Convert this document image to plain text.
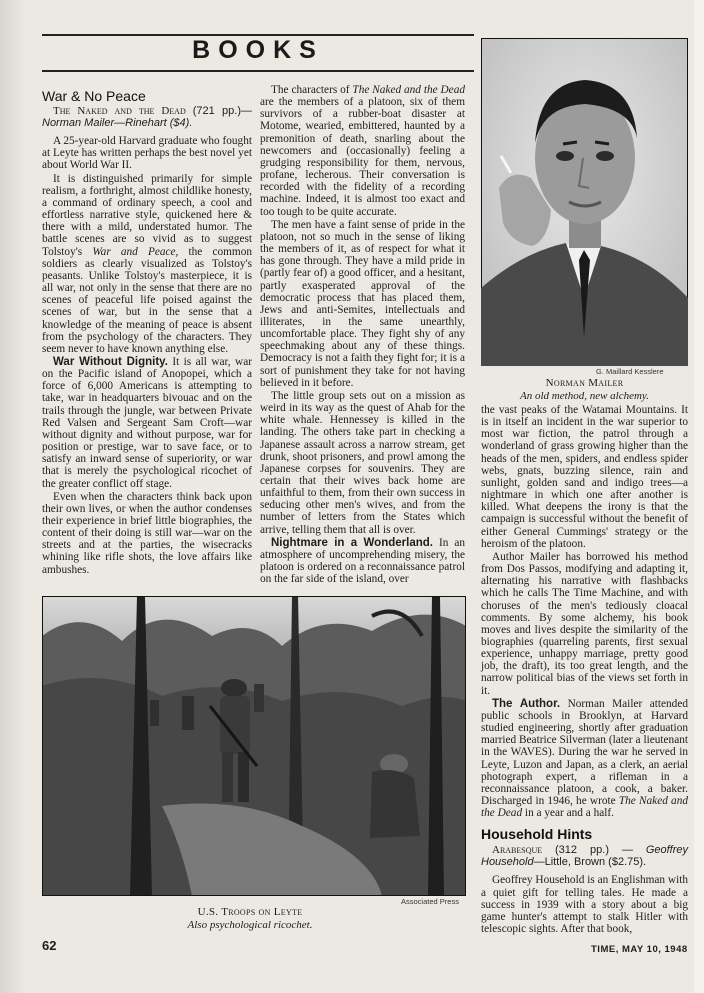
BOOKS
War & No Peace
The Naked and the Dead (721 pp.)— Norman Mailer—Rinehart ($4).

A 25-year-old Harvard graduate who fought at Leyte has written perhaps the best novel yet about World War II.

It is distinguished primarily for simple realism, a forthright, almost childlike honesty, a command of ordinary speech, a cool and effortless narrative style, quickened here & there with a mild, understated humor. The battle scenes are so vivid as to suggest Tolstoy's War and Peace, the common soldiers as clearly visualized as Tolstoy's peasants. Unlike Tolstoy's masterpiece, it is all war, not only in the sense that there are no scenes of peaceful life poised against the scenes of war, but in the sense that a knowledge of the meaning of peace is absent from the psychology of the characters. They seem never to have known anything else.

War Without Dignity. It is all war, war on the Pacific island of Anopopei, which a force of 6,000 Americans is attempting to take, war in headquarters bivouac and on the trails through the jungle, war between Private Red Valsen and Sergeant Sam Croft—war without dignity and without purpose, war for position or prestige, war to save face, or to satisfy an inward sense of superiority, or war that is merely the psychological ricochet of the greater conflict off stage.

Even when the characters think back upon their own lives, or when the author condenses their experience in brief little biographies, the content of their doing is still war—war on the streets and at the parties, the wisecracks whining like rifle shots, the love affairs like ambushes.

The characters of The Naked and the Dead are the members of a platoon, six of them survivors of a rubber-boat disaster at Motome, wearied, embittered, haunted by a premonition of death, snarling about the newcomers and (occasionally) feeling a grudging responsibility for them, nervous, profane, lecherous. Their conversation is recorded with the fidelity of a recording machine. Indeed, it is almost too exact and too tough to be quite accurate.

The men have a faint sense of pride in the platoon, not so much in the sense of liking the members of it, as of respect for what it has gone through. They have a mild pride in (partly fear of) a good officer, and a hesitant, partly exasperated approval of the democratic process that has placed them, Jews and anti-Semites, intellectuals and illiterates, in the same unearthly, uncomfortable place. They fight shy of any speechmaking about any of these things. Democracy is not a faith they fight for; it is a sort of punishment they take for not having believed in it before.

The little group sets out on a mission as weird in its way as the quest of Ahab for the white whale. Hennessey is killed in the landing. The others take part in checking a Japanese assault across a narrow stream, get drunk, shoot prisoners, and prowl among the Japanese corpses for souvenirs. They are certain that their wives back home are unfaithful to them, from their own success in seducing other men's wives, and from the number of letters from the States which arrive, telling them that all is over.

Nightmare in a Wonderland. In an atmosphere of uncomprehending misery, the platoon is ordered on a reconnaissance patrol on the far side of the island, over

G. Maillard Kesslere
Norman Mailer
An old method, new alchemy.

the vast peaks of the Watamai Mountains. It is in itself an incident in the war superior to most war fiction, the patrol through a wonderland of grass growing higher than the heads of the men, spiders, and endless spider webs, gnats, buzzing silence, rain and sunlight, golden sand and indigo trees—a nightmare in which one after another is killed. What deepens the irony is that the campaign is successful without the benefit of either General Cummings' strategy or the heroism of the platoon.

Author Mailer has borrowed his method from Dos Passos, modifying and adapting it, alternating his narrative with flashbacks which he calls The Time Machine, and with choruses of the men's tediously cloacal comments. By some alchemy, his book moves and lives despite the similarity of the biographies (quarreling parents, first sexual experience, unhappy marriage, pretty good job, the draft), its too great length, and the narrow political bias of the views set forth in it.

The Author. Norman Mailer attended public schools in Brooklyn, at Harvard studied engineering, shortly after graduation married Beatrice Silverman (later a lieutenant in the WAVES). During the war he served in Leyte, Luzon and Japan, as a clerk, an aerial photograph expert, a rifleman in a reconnaissance platoon, a cook, a baker. Discharged in 1946, he wrote The Naked and the Dead in a year and a half.

Household Hints
Arabesque (312 pp.) — Geoffrey Household—Little, Brown ($2.75).

Geoffrey Household is an Englishman with a quiet gift for telling tales. He made a success in 1939 with a story about a big game hunter's attempt to stalk Hitler with telescopic sights. After that book,

Associated Press
U.S. Troops on Leyte
Also psychological ricochet.
62	TIME, MAY 10, 1948
